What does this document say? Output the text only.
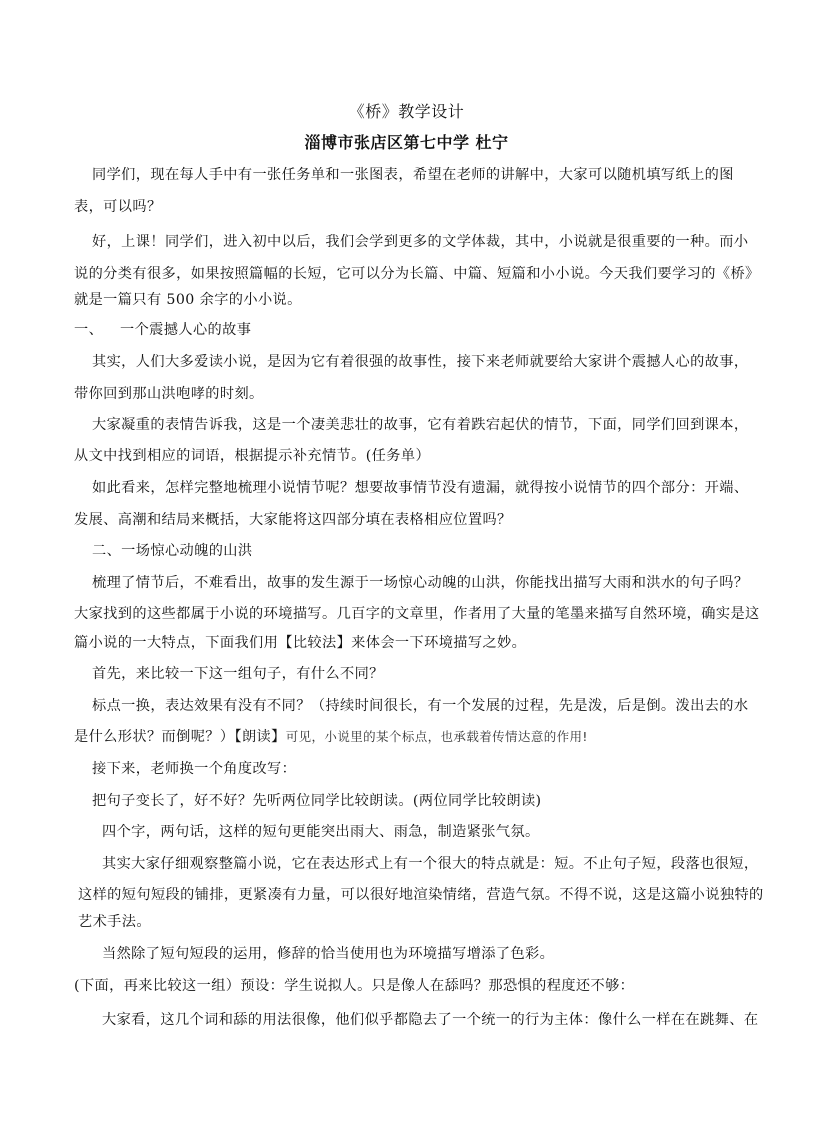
《桥》教学设计
淄博市张店区第七中学 杜宁

同学们，现在每人手中有一张任务单和一张图表，希望在老师的讲解中，大家可以随机填写纸上的图

表，可以吗？

好，上课！同学们，进入初中以后，我们会学到更多的文学体裁，其中，小说就是很重要的一种。而小

说的分类有很多，如果按照篇幅的长短，它可以分为长篇、中篇、短篇和小小说。今天我们要学习的《桥》

就是一篇只有 500 余字的小小说。

一、 一个震撼人心的故事

其实，人们大多爱读小说，是因为它有着很强的故事性，接下来老师就要给大家讲个震撼人心的故事，

带你回到那山洪咆哮的时刻。

大家凝重的表情告诉我，这是一个凄美悲壮的故事，它有着跌宕起伏的情节，下面，同学们回到课本，

从文中找到相应的词语，根据提示补充情节。(任务单）

如此看来，怎样完整地梳理小说情节呢？想要故事情节没有遗漏，就得按小说情节的四个部分：开端、

发展、高潮和结局来概括，大家能将这四部分填在表格相应位置吗？

二、一场惊心动魄的山洪

梳理了情节后，不难看出，故事的发生源于一场惊心动魄的山洪，你能找出描写大雨和洪水的句子吗？

大家找到的这些都属于小说的环境描写。几百字的文章里，作者用了大量的笔墨来描写自然环境，确实是这

篇小说的一大特点，下面我们用【比较法】来体会一下环境描写之妙。

首先，来比较一下这一组句子，有什么不同？

标点一换，表达效果有没有不同？（持续时间很长，有一个发展的过程，先是泼，后是倒。泼出去的水

是什么形状？而倒呢？）【朗读】可见，小说里的某个标点，也承载着传情达意的作用!

接下来，老师换一个角度改写：

把句子变长了，好不好？先听两位同学比较朗读。(两位同学比较朗读)

四个字，两句话，这样的短句更能突出雨大、雨急，制造紧张气氛。

其实大家仔细观察整篇小说，它在表达形式上有一个很大的特点就是：短。不止句子短，段落也很短，

这样的短句短段的铺排，更紧凑有力量，可以很好地渲染情绪，营造气氛。不得不说，这是这篇小说独特的

艺术手法。

当然除了短句短段的运用，修辞的恰当使用也为环境描写增添了色彩。

(下面，再来比较这一组）预设：学生说拟人。只是像人在舔吗？那恐惧的程度还不够：

大家看，这几个词和舔的用法很像，他们似乎都隐去了一个统一的行为主体：像什么一样在在跳舞、在
